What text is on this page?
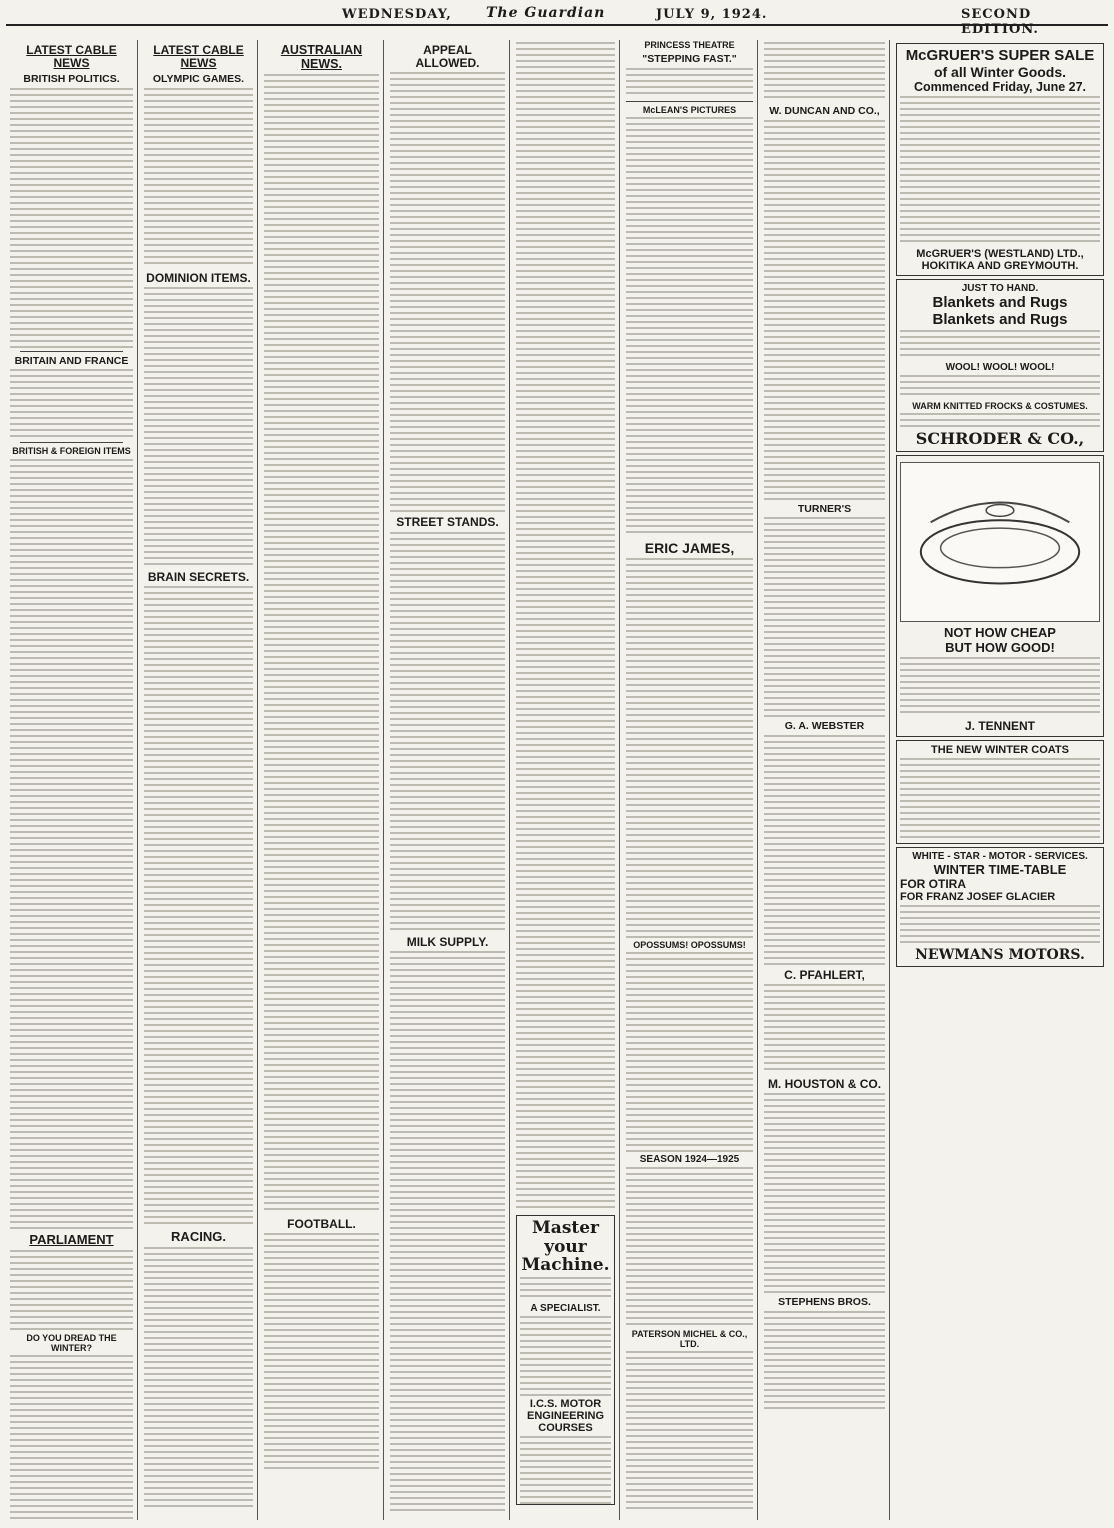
WEDNESDAY, The Guardian	JULY 9, 1924.	SECOND EDITION.
LATEST CABLE NEWS
BRITISH POLITICS.
BRITAIN AND FRANCE
BRITISH & FOREIGN ITEMS
PARLIAMENT
DO YOU DREAD THE WINTER?
LATEST CABLE NEWS
OLYMPIC GAMES.
DOMINION ITEMS.
BRAIN SECRETS.
RACING.
AUSTRALIAN NEWS.
FOOTBALL.
APPEAL ALLOWED.
STREET STANDS.
MILK SUPPLY.
Master your Machine.
A SPECIALIST.
I.C.S. MOTOR ENGINEERING COURSES
PRINCESS THEATRE
"STEPPING FAST."
McLEAN'S PICTURES
ERIC JAMES,
OPOSSUMS! OPOSSUMS!
SEASON 1924—1925
PATERSON MICHEL & CO., LTD.
W. DUNCAN AND CO.,
TURNER'S
G. A. WEBSTER
C. PFAHLERT,
M. HOUSTON & CO.
STEPHENS BROS.
McGRUER'S SUPER SALE
of all Winter Goods.
Commenced Friday, June 27.
McGRUER'S (WESTLAND) LTD.,
HOKITIKA AND GREYMOUTH.
JUST TO HAND.
Blankets and Rugs
Blankets and Rugs
WOOL! WOOL! WOOL!
WARM KNITTED FROCKS & COSTUMES.
SCHRODER & CO.,
NOT HOW CHEAP
BUT HOW GOOD!
J. TENNENT
THE NEW WINTER COATS
WHITE - STAR - MOTOR - SERVICES.
WINTER TIME-TABLE
FOR OTIRA
FOR FRANZ JOSEF GLACIER
NEWMANS MOTORS.
